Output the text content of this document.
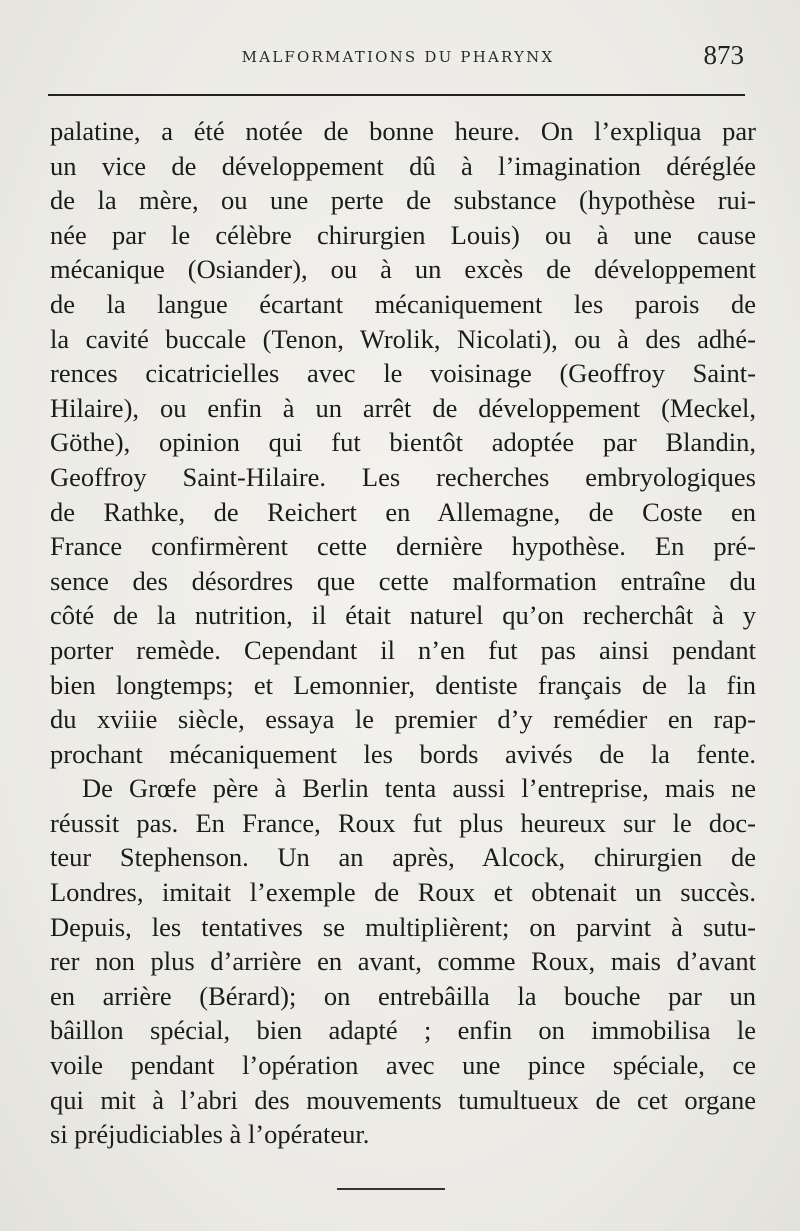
MALFORMATIONS DU PHARYNX	873
palatine, a été notée de bonne heure. On l’expliqua par
un vice de développement dû à l’imagination déréglée
de la mère, ou une perte de substance (hypothèse rui-
née par le célèbre chirurgien Louis) ou à une cause
mécanique (Osiander), ou à un excès de développement
de la langue écartant mécaniquement les parois de
la cavité buccale (Tenon, Wrolik, Nicolati), ou à des adhé-
rences cicatricielles avec le voisinage (Geoffroy Saint-
Hilaire), ou enfin à un arrêt de développement (Meckel,
Göthe), opinion qui fut bientôt adoptée par Blandin,
Geoffroy Saint-Hilaire. Les recherches embryologiques
de Rathke, de Reichert en Allemagne, de Coste en
France confirmèrent cette dernière hypothèse. En pré-
sence des désordres que cette malformation entraîne du
côté de la nutrition, il était naturel qu’on recherchât à y
porter remède. Cependant il n’en fut pas ainsi pendant
bien longtemps; et Lemonnier, dentiste français de la fin
du xviiie siècle, essaya le premier d’y remédier en rap-
prochant mécaniquement les bords avivés de la fente.
De Grœfe père à Berlin tenta aussi l’entreprise, mais ne
réussit pas. En France, Roux fut plus heureux sur le doc-
teur Stephenson. Un an après, Alcock, chirurgien de
Londres, imitait l’exemple de Roux et obtenait un succès.
Depuis, les tentatives se multiplièrent; on parvint à sutu-
rer non plus d’arrière en avant, comme Roux, mais d’avant
en arrière (Bérard); on entrebâilla la bouche par un
bâillon spécial, bien adapté ; enfin on immobilisa le
voile pendant l’opération avec une pince spéciale, ce
qui mit à l’abri des mouvements tumultueux de cet organe
si préjudiciables à l’opérateur.
